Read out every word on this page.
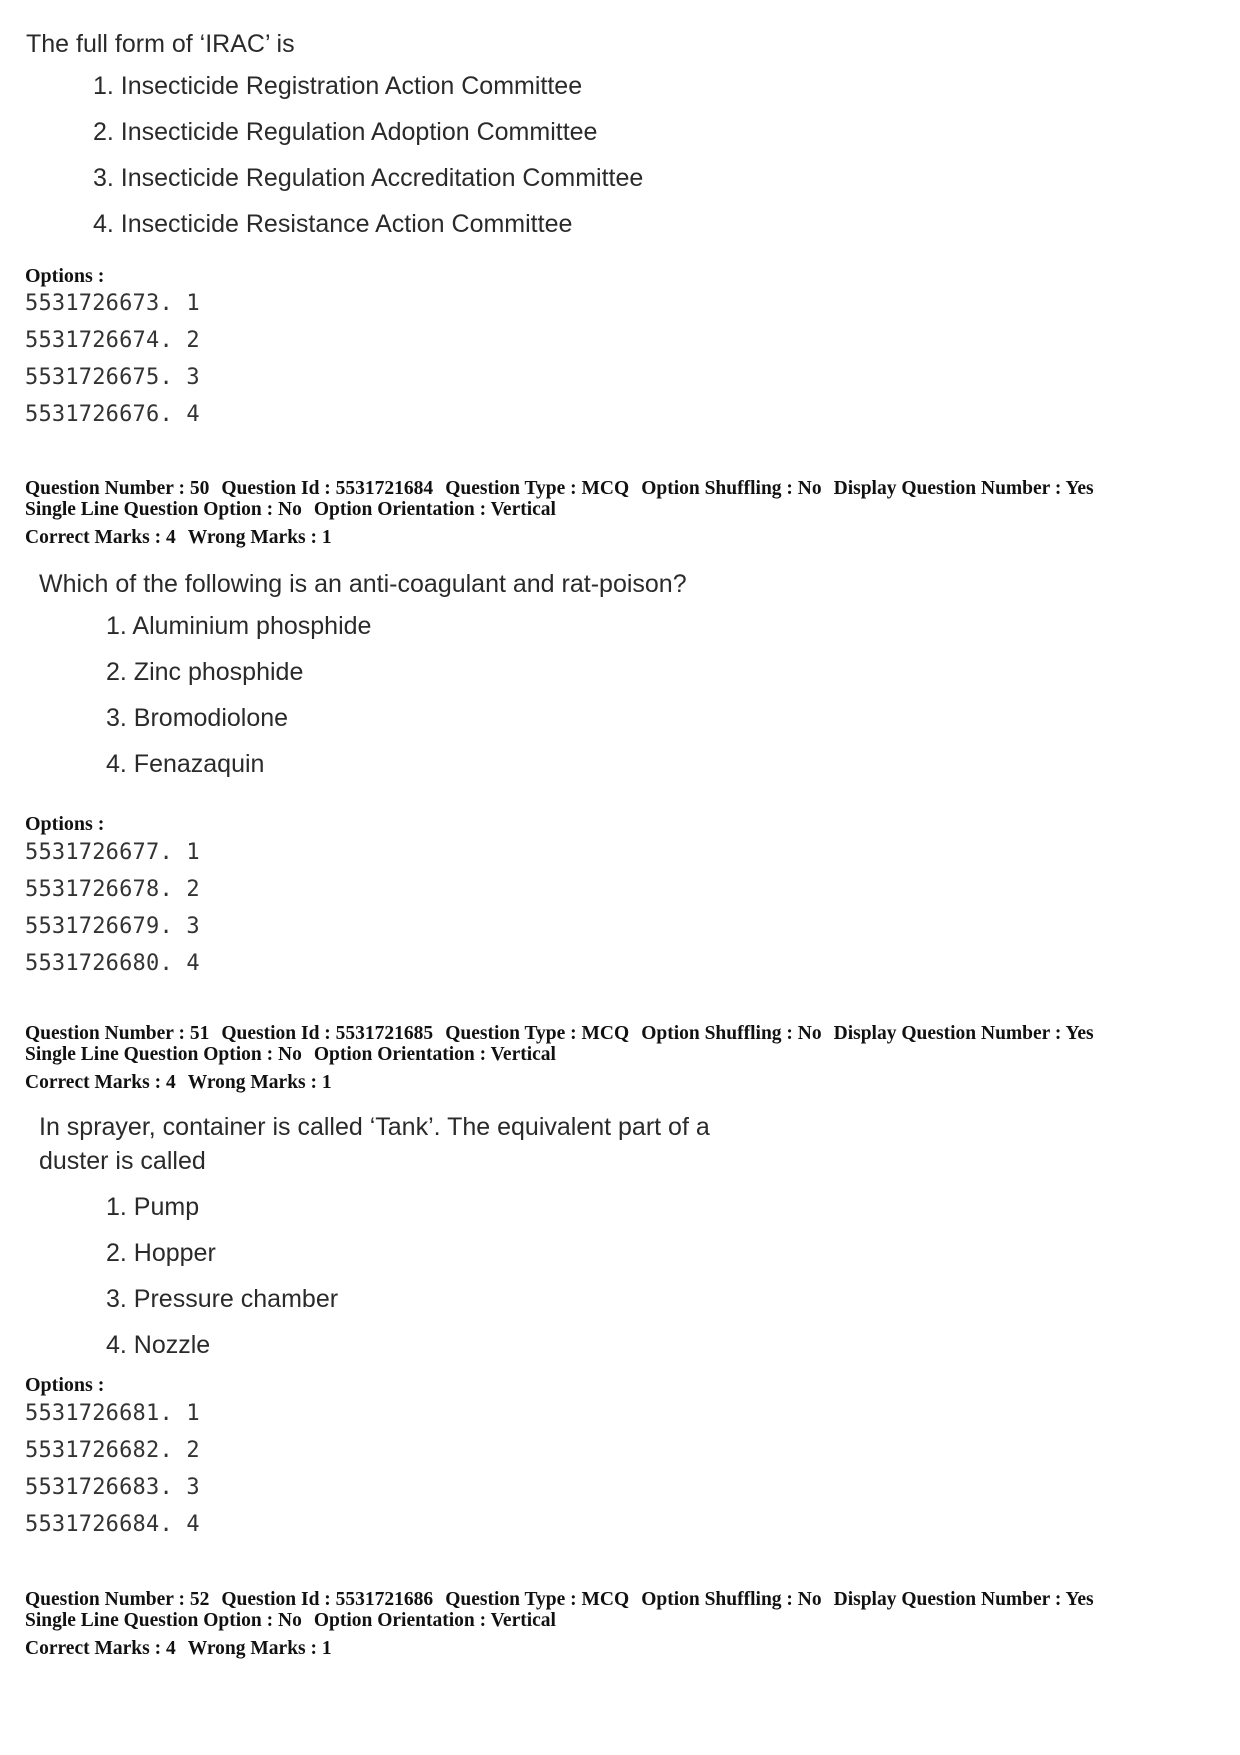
The full form of ‘IRAC’ is

1. Insecticide Registration Action Committee
2. Insecticide Regulation Adoption Committee
3. Insecticide Regulation Accreditation Committee
4. Insecticide Resistance Action Committee
Options :
5531726673. 1
5531726674. 2
5531726675. 3
5531726676. 4
Question Number : 50 Question Id : 5531721684 Question Type : MCQ Option Shuffling : No Display Question Number : Yes
Single Line Question Option : No Option Orientation : Vertical
Correct Marks : 4 Wrong Marks : 1

Which of the following is an anti-coagulant and rat-poison?

1. Aluminium phosphide
2. Zinc phosphide
3. Bromodiolone
4. Fenazaquin
Options :
5531726677. 1
5531726678. 2
5531726679. 3
5531726680. 4
Question Number : 51 Question Id : 5531721685 Question Type : MCQ Option Shuffling : No Display Question Number : Yes
Single Line Question Option : No Option Orientation : Vertical
Correct Marks : 4 Wrong Marks : 1

In sprayer, container is called ‘Tank’. The equivalent part of a

duster is called

1. Pump
2. Hopper
3. Pressure chamber
4. Nozzle
Options :
5531726681. 1
5531726682. 2
5531726683. 3
5531726684. 4
Question Number : 52 Question Id : 5531721686 Question Type : MCQ Option Shuffling : No Display Question Number : Yes
Single Line Question Option : No Option Orientation : Vertical
Correct Marks : 4 Wrong Marks : 1
